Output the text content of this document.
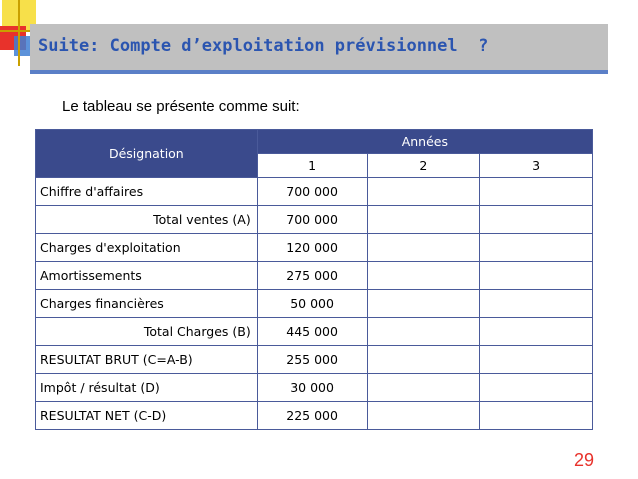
Suite: Compte d’exploitation prévisionnel  ?
Le tableau se présente comme suit:
Désignation	Années		
	1	2	3
Chiffre d'affaires	700 000		
Total ventes (A)	700 000		
Charges d'exploitation	120 000		
Amortissements	275 000		
Charges financières	50 000		
Total Charges (B)	445 000		
RESULTAT BRUT (C=A-B)	255 000		
Impôt / résultat (D)	30 000		
RESULTAT NET (C-D)	225 000		
29
